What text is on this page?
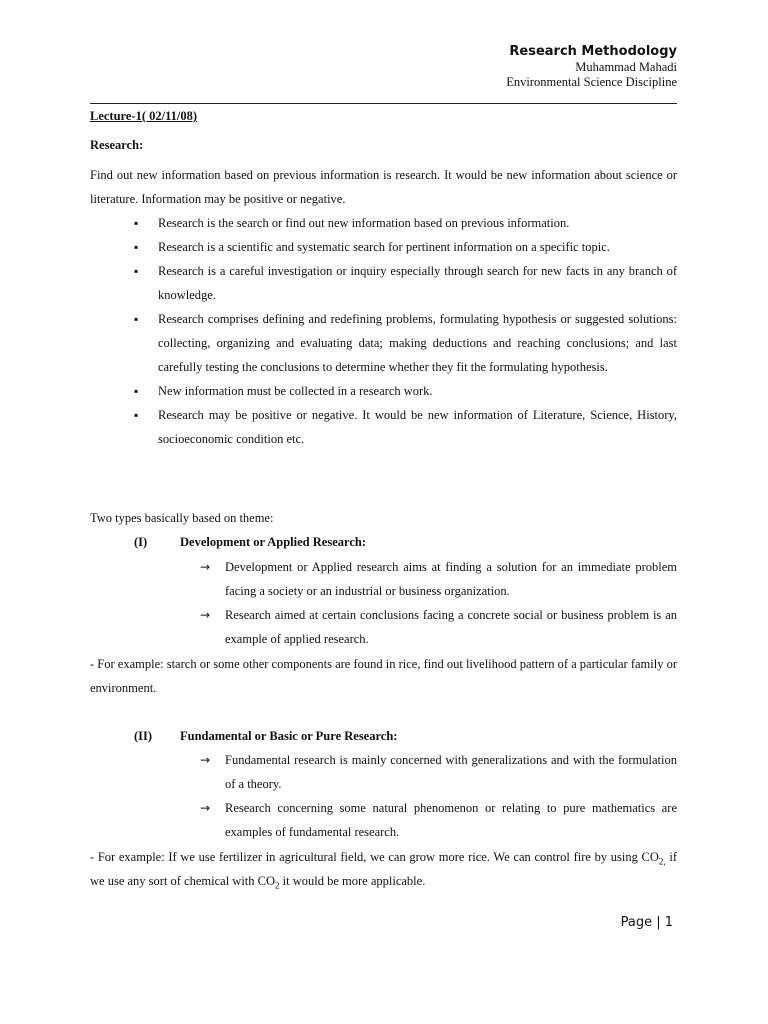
Research Methodology
Muhammad Mahadi
Environmental Science Discipline
Lecture-1( 02/11/08)
Research:

Find out new information based on previous information is research. It would be new information about science or literature. Information may be positive or negative.

▪ Research is the search or find out new information based on previous information.
▪ Research is a scientific and systematic search for pertinent information on a specific topic.
▪ Research is a careful investigation or inquiry especially through search for new facts in any branch of knowledge.
▪ Research comprises defining and redefining problems, formulating hypothesis or suggested solutions: collecting, organizing and evaluating data; making deductions and reaching conclusions; and last carefully testing the conclusions to determine whether they fit the formulating hypothesis.
▪ New information must be collected in a research work.
▪ Research may be positive or negative. It would be new information of Literature, Science, History, socioeconomic condition etc.
Two types basically based on theme:
(I)	Development or Applied Research:
→ Development or Applied research aims at finding a solution for an immediate problem facing a society or an industrial or business organization.
→ Research aimed at certain conclusions facing a concrete social or business problem is an example of applied research.

- For example: starch or some other components are found in rice, find out livelihood pattern of a particular family or environment.

(II) Fundamental or Basic or Pure Research:
→ Fundamental research is mainly concerned with generalizations and with the formulation of a theory.
→ Research concerning some natural phenomenon or relating to pure mathematics are examples of fundamental research.

- For example: If we use fertilizer in agricultural field, we can grow more rice. We can control fire by using $CO_{2,}$ if we use any sort of chemical with $CO_2$ it would be more applicable.

Page | 1
